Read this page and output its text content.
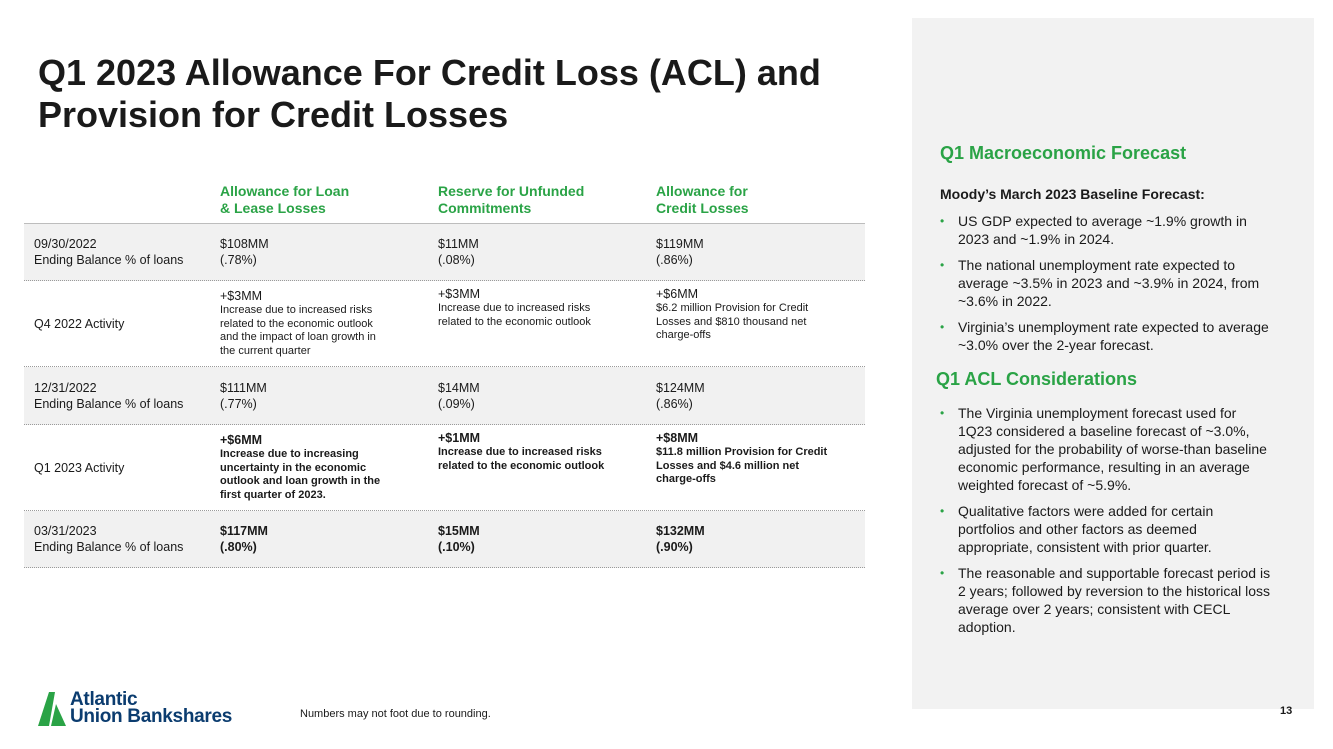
Q1 2023 Allowance For Credit Loss (ACL) and
Provision for Credit Losses
Allowance for Loan
& Lease Losses
Reserve for Unfunded
Commitments
Allowance for
Credit Losses
09/30/2022
Ending Balance % of loans
$108MM
(.78%)
$11MM
(.08%)
$119MM
(.86%)
Q4 2022 Activity
+$3MM
Increase due to increased risks
related to the economic outlook
and the impact of loan growth in
the current quarter
+$3MM
Increase due to increased risks
related to the economic outlook
+$6MM
$6.2 million Provision for Credit
Losses and $810 thousand net
charge-offs
12/31/2022
Ending Balance % of loans
$111MM
(.77%)
$14MM
(.09%)
$124MM
(.86%)
Q1 2023 Activity
+$6MM
Increase due to increasing
uncertainty in the economic
outlook and loan growth in the
first quarter of 2023.
+$1MM
Increase due to increased risks
related to the economic outlook
+$8MM
$11.8 million Provision for Credit
Losses and $4.6 million net
charge-offs
03/31/2023
Ending Balance % of loans
$117MM
(.80%)
$15MM
(.10%)
$132MM
(.90%)
Q1 Macroeconomic Forecast
Moody’s March 2023 Baseline Forecast:
• US GDP expected to average ~1.9% growth in
2023 and ~1.9% in 2024.
• The national unemployment rate expected to
average ~3.5% in 2023 and ~3.9% in 2024, from
~3.6% in 2022.
• Virginia’s unemployment rate expected to average
~3.0% over the 2-year forecast.
Q1 ACL Considerations
• The Virginia unemployment forecast used for
1Q23 considered a baseline forecast of ~3.0%,
adjusted for the probability of worse-than baseline
economic performance, resulting in an average
weighted forecast of ~5.9%.
• Qualitative factors were added for certain
portfolios and other factors as deemed
appropriate, consistent with prior quarter.
• The reasonable and supportable forecast period is
2 years; followed by reversion to the historical loss
average over 2 years; consistent with CECL
adoption.
Atlantic
Union Bankshares	Numbers may not foot due to rounding.	13
